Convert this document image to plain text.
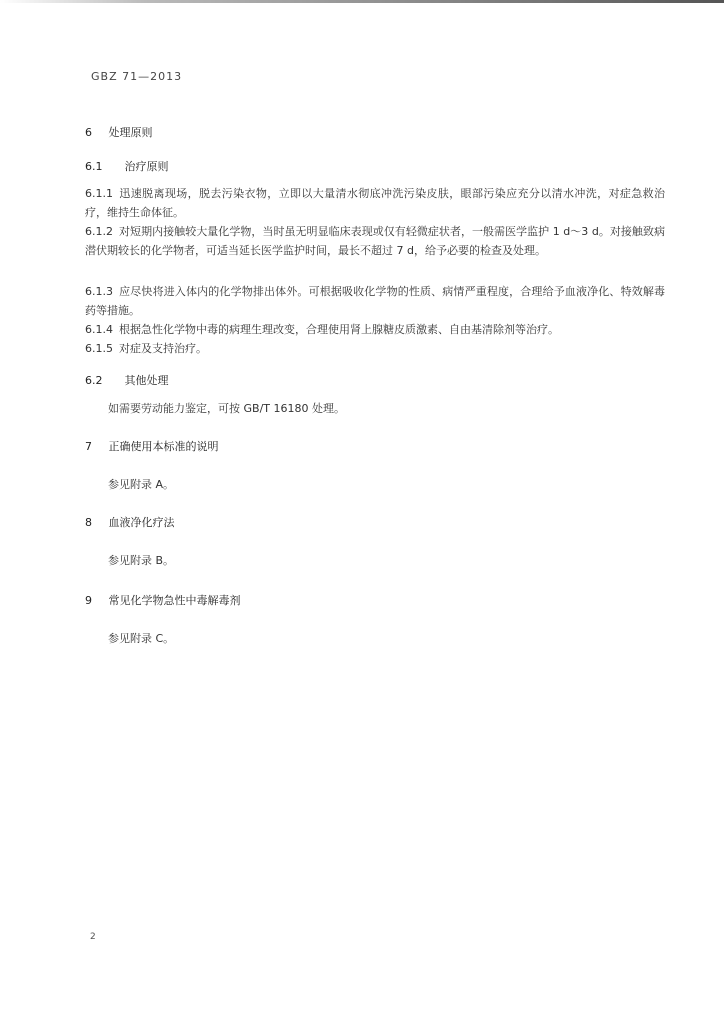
GBZ 71—2013
6 处理原则
6.1 治疗原则
6.1.1 迅速脱离现场，脱去污染衣物，立即以大量清水彻底冲洗污染皮肤，眼部污染应充分以清水冲洗，对症急救治疗，维持生命体征。
6.1.2 对短期内接触较大量化学物，当时虽无明显临床表现或仅有轻微症状者，一般需医学监护 1 d～3 d。对接触致病潜伏期较长的化学物者，可适当延长医学监护时间，最长不超过 7 d，给予必要的检查及处理。
6.1.3 应尽快将进入体内的化学物排出体外。可根据吸收化学物的性质、病情严重程度，合理给予血液净化、特效解毒药等措施。
6.1.4 根据急性化学物中毒的病理生理改变，合理使用肾上腺糖皮质激素、自由基清除剂等治疗。
6.1.5 对症及支持治疗。
6.2 其他处理
如需要劳动能力鉴定，可按 GB/T 16180 处理。
7 正确使用本标准的说明
参见附录 A。
8 血液净化疗法
参见附录 B。
9 常见化学物急性中毒解毒剂
参见附录 C。
2
